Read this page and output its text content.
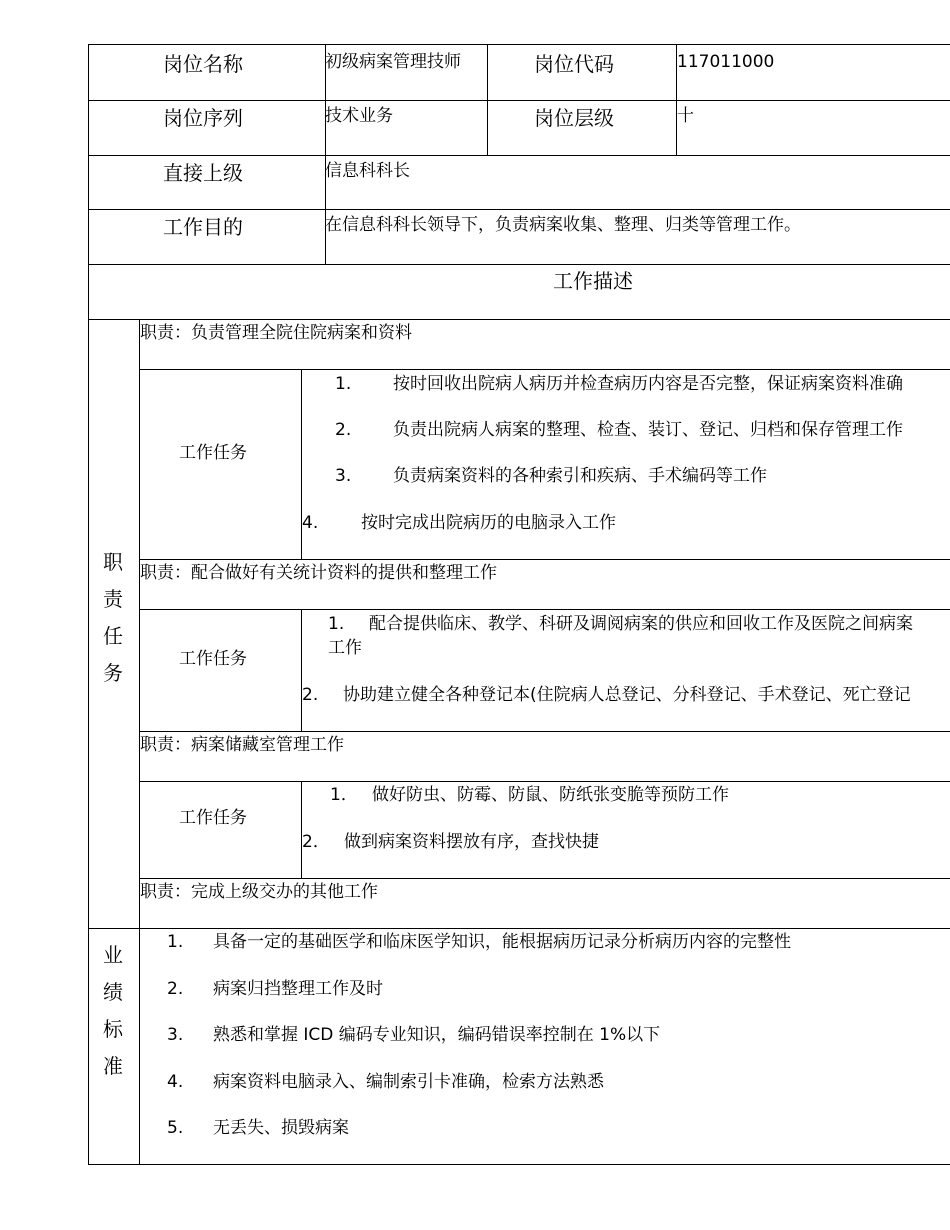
岗位名称	初级病案管理技师	岗位代码	117011000
岗位序列	技术业务	岗位层级	十
直接上级	信息科科长
工作目的	在信息科科长领导下，负责病案收集、整理、归类等管理工作。
工作描述
职
责
任
务
职责：负责管理全院住院病案和资料
工作任务
1. 按时回收出院病人病历并检查病历内容是否完整，保证病案资料准确
2. 负责出院病人病案的整理、检查、装订、登记、归档和保存管理工作
3. 负责病案资料的各种索引和疾病、手术编码等工作
4.	按时完成出院病历的电脑录入工作
职责：配合做好有关统计资料的提供和整理工作
工作任务
1. 配合提供临床、教学、科研及调阅病案的供应和回收工作及医院之间病案
工作
2. 协助建立健全各种登记本(住院病人总登记、分科登记、手术登记、死亡登记
职责：病案储藏室管理工作
工作任务
1． 做好防虫、防霉、防鼠、防纸张变脆等预防工作
2． 做到病案资料摆放有序，查找快捷
职责：完成上级交办的其他工作
业
绩
标
准
1. 具备一定的基础医学和临床医学知识，能根据病历记录分析病历内容的完整性
2. 病案归挡整理工作及时
3. 熟悉和掌握 ICD 编码专业知识，编码错误率控制在 1%以下
4. 病案资料电脑录入、编制索引卡准确，检索方法熟悉
5. 无丢失、损毁病案
